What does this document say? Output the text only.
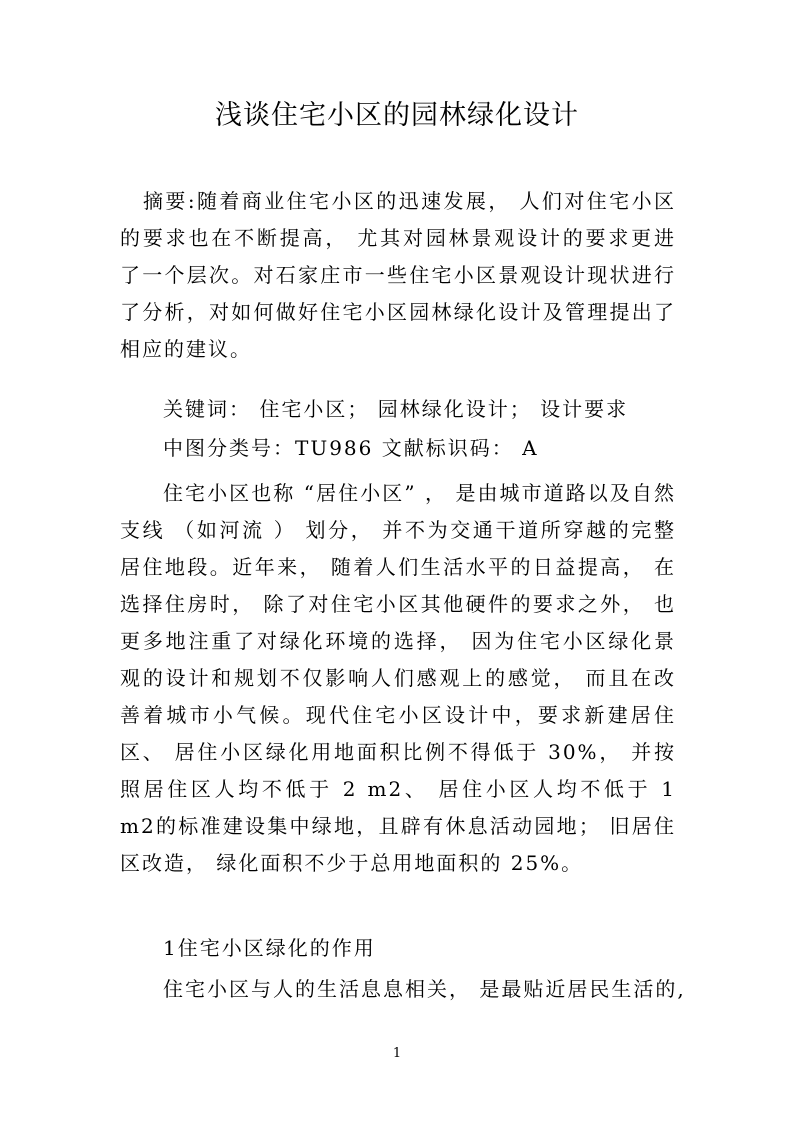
浅谈住宅小区的园林绿化设计

摘要:随着商业住宅小区的迅速发展， 人们对住宅小区的要求也在不断提高， 尤其对园林景观设计的要求更进了一个层次。对石家庄市一些住宅小区景观设计现状进行了分析，对如何做好住宅小区园林绿化设计及管理提出了相应的建议。

关键词： 住宅小区； 园林绿化设计； 设计要求

中图分类号：TU986 文献标识码： A

住宅小区也称 “居住小区” ， 是由城市道路以及自然支线 （如河流 ） 划分， 并不为交通干道所穿越的完整居住地段。近年来， 随着人们生活水平的日益提高， 在选择住房时， 除了对住宅小区其他硬件的要求之外， 也更多地注重了对绿化环境的选择， 因为住宅小区绿化景观的设计和规划不仅影响人们感观上的感觉， 而且在改善着城市小气候。现代住宅小区设计中，要求新建居住区、 居住小区绿化用地面积比例不得低于 30%， 并按照居住区人均不低于 2 m2、 居住小区人均不低于 1 m2的标准建设集中绿地，且辟有休息活动园地； 旧居住区改造， 绿化面积不少于总用地面积的 25%。

1住宅小区绿化的作用

住宅小区与人的生活息息相关， 是最贴近居民生活的,

1
